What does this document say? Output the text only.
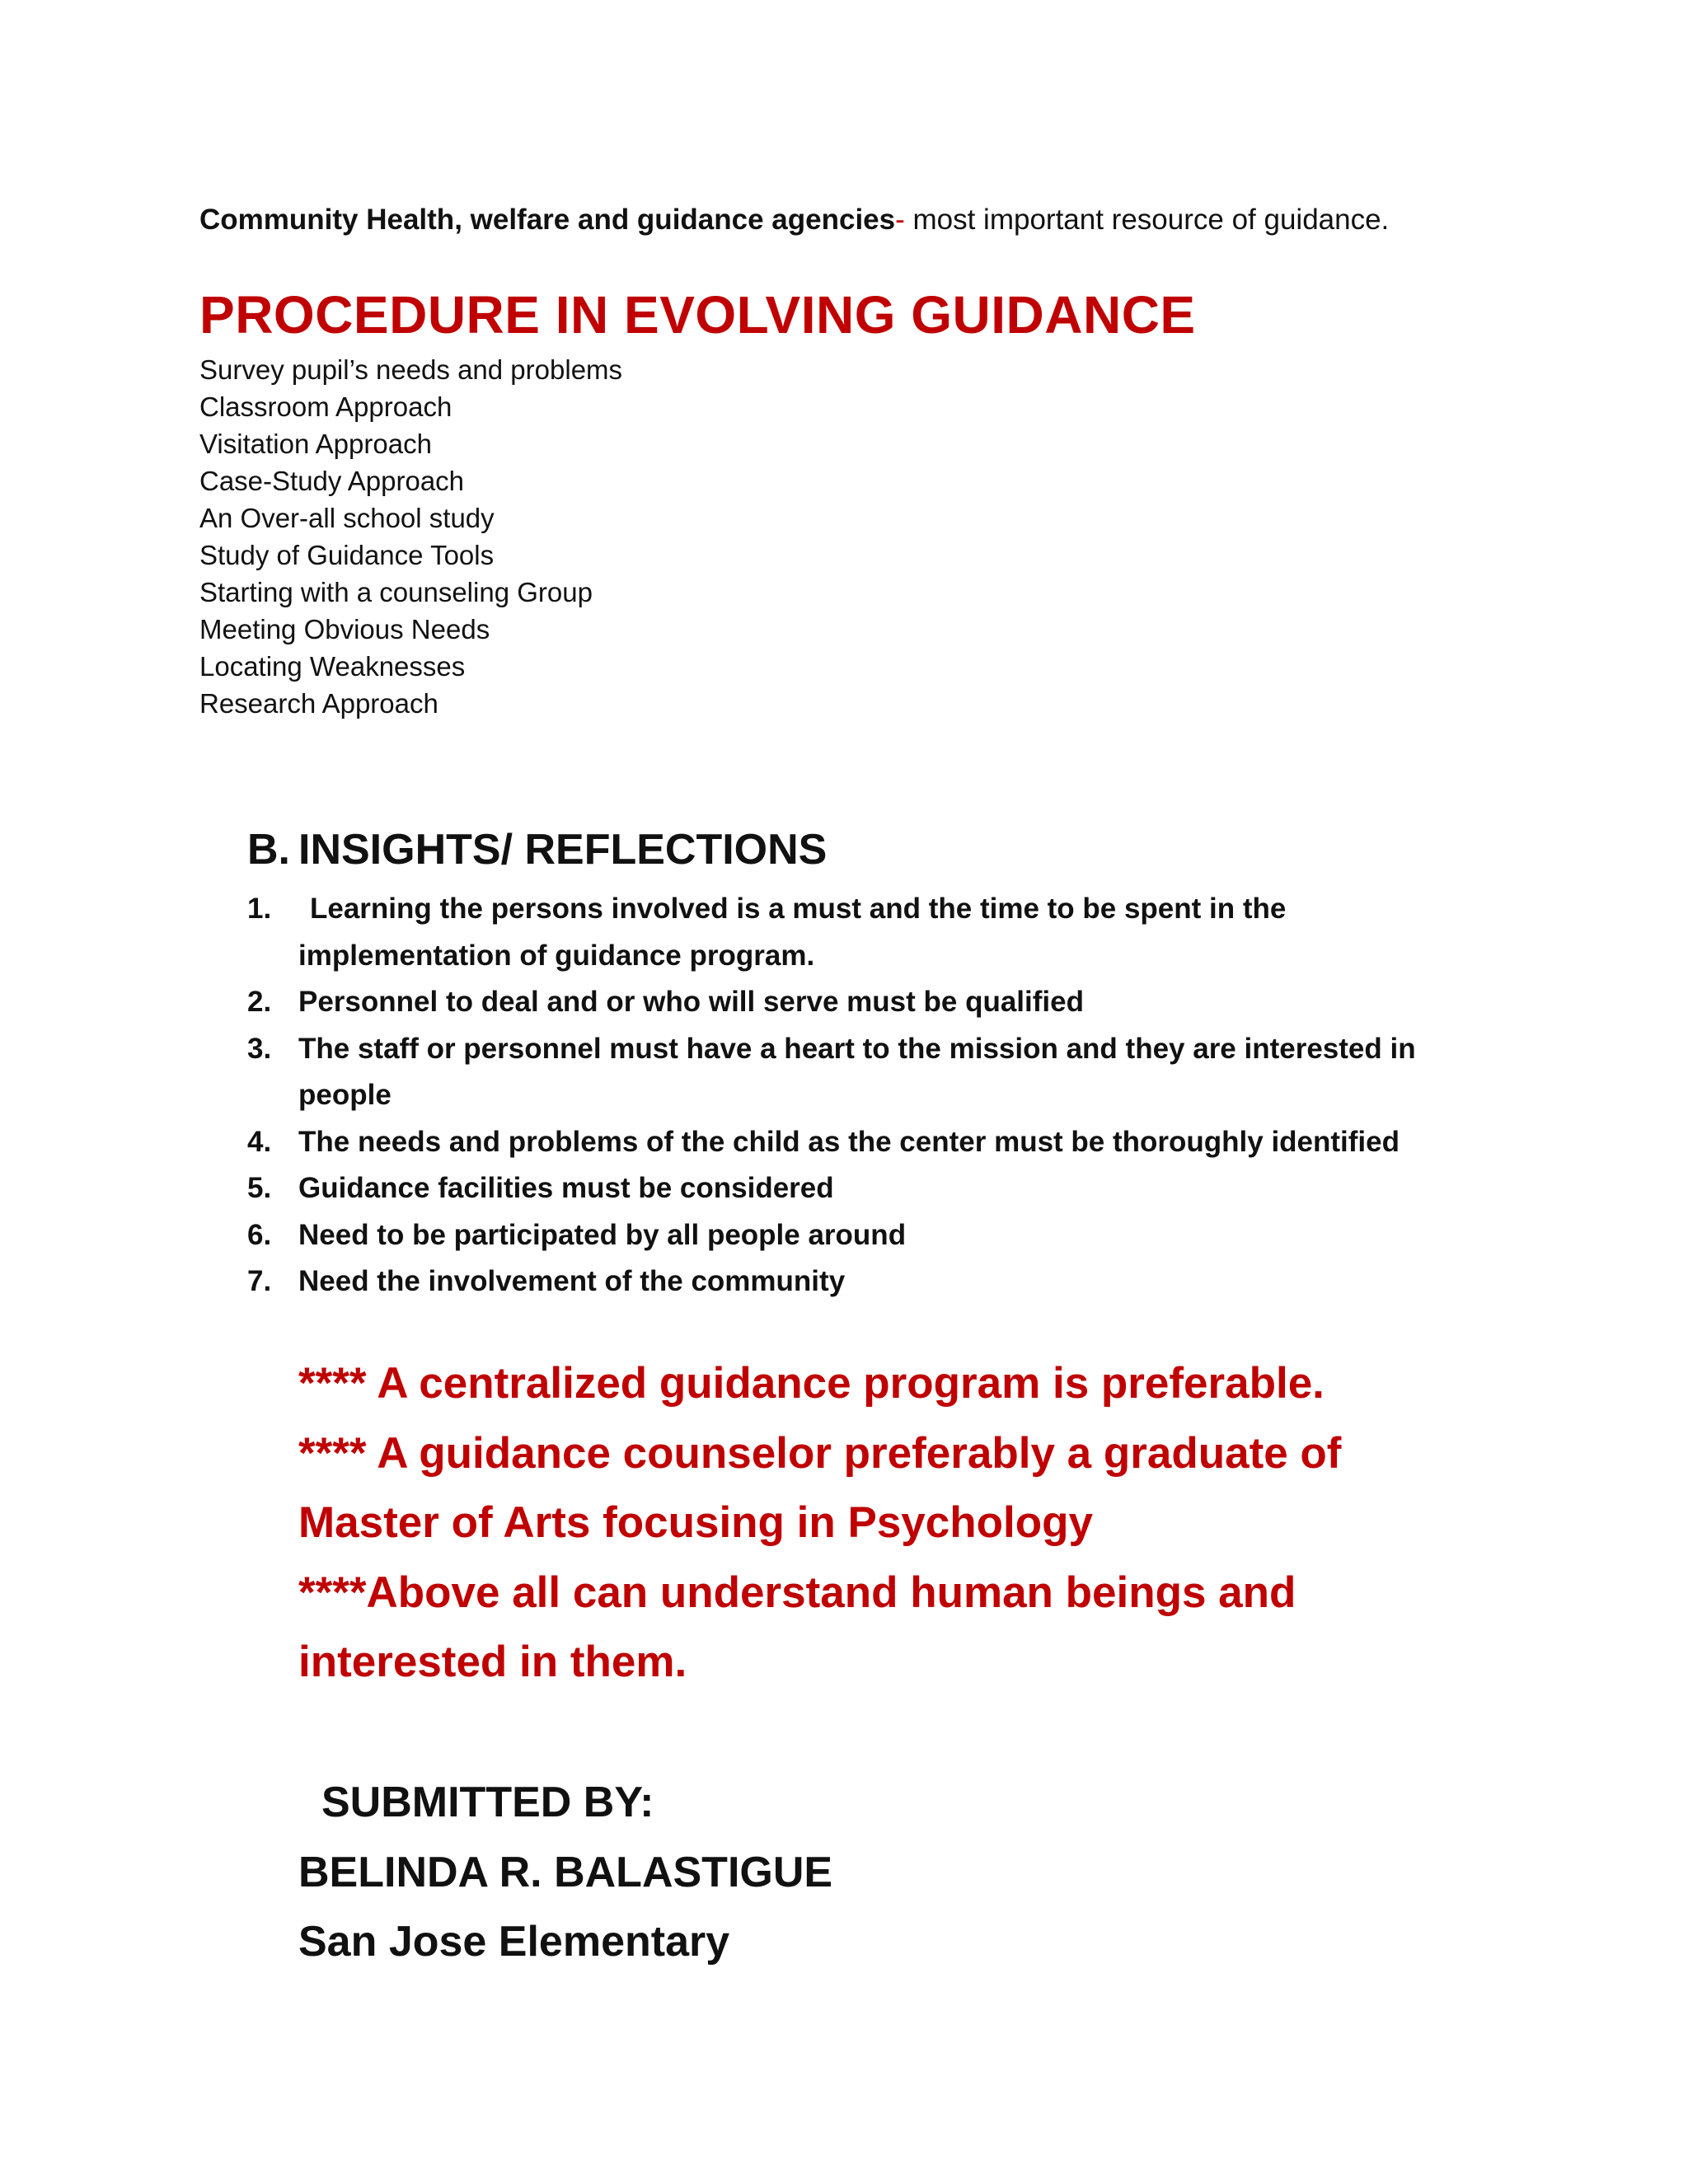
Community Health, welfare and guidance agencies- most important resource of guidance.
PROCEDURE IN EVOLVING GUIDANCE
Survey pupil’s needs and problems
Classroom Approach
Visitation Approach
Case-Study Approach
An Over-all school study
Study of Guidance Tools
Starting with a counseling Group
Meeting Obvious Needs
Locating Weaknesses
Research Approach
B. INSIGHTS/ REFLECTIONS
1.	Learning the persons involved is a must and the time to be spent in the
implementation of guidance program.
2. Personnel to deal and or who will serve must be qualified
3. The staff or personnel must have a heart to the mission and they are interested in
people
4. The needs and problems of the child as the center must be thoroughly identified
5. Guidance facilities must be considered
6. Need to be participated by all people around
7. Need the involvement of the community
**** A centralized guidance program is preferable.
**** A guidance counselor preferably a graduate of
Master of Arts focusing in Psychology
****Above all can understand human beings and
interested in them.
SUBMITTED BY:
BELINDA R. BALASTIGUE
San Jose Elementary
